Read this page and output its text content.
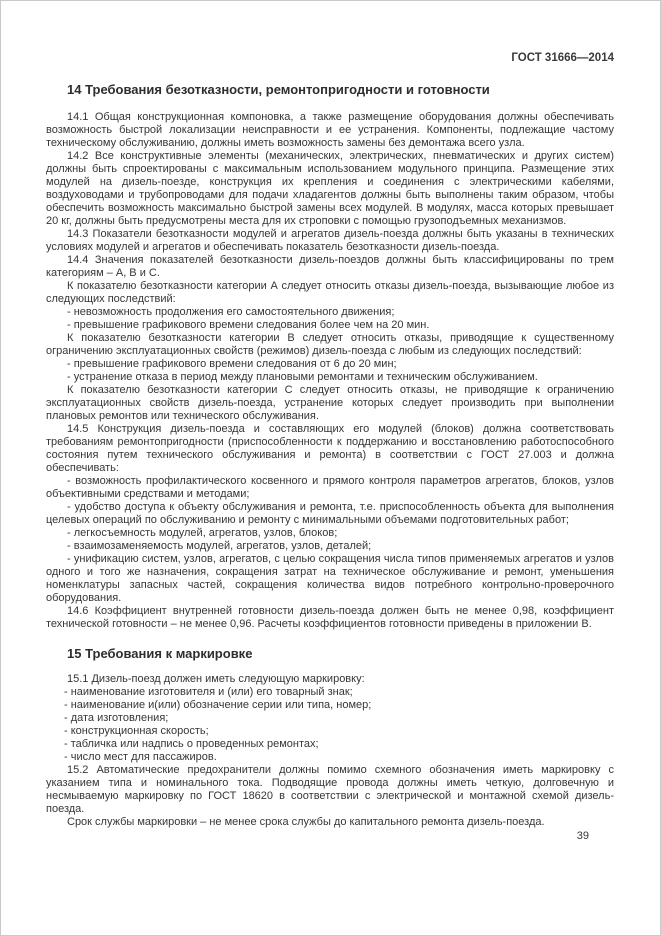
ГОСТ 31666—2014
14 Требования безотказности, ремонтопригодности и готовности

14.1 Общая конструкционная компоновка, а также размещение оборудования должны обеспечивать возможность быстрой локализации неисправности и ее устранения. Компоненты, подлежащие частому техническому обслуживанию, должны иметь возможность замены без демонтажа всего узла.

14.2 Все конструктивные элементы (механических, электрических, пневматических и других систем) должны быть спроектированы с максимальным использованием модульного принципа. Размещение этих модулей на дизель-поезде, конструкция их крепления и соединения с электрическими кабелями, воздуховодами и трубопроводами для подачи хладагентов должны быть выполнены таким образом, чтобы обеспечить возможность максимально быстрой замены всех модулей. В модулях, масса которых превышает 20 кг, должны быть предусмотрены места для их строповки с помощью грузоподъемных механизмов.

14.3 Показатели безотказности модулей и агрегатов дизель-поезда должны быть указаны в технических условиях модулей и агрегатов и обеспечивать показатель безотказности дизель-поезда.

14.4 Значения показателей безотказности дизель-поездов должны быть классифицированы по трем категориям – А, В и С.

К показателю безотказности категории А следует относить отказы дизель-поезда, вызывающие любое из следующих последствий:

- невозможность продолжения его самостоятельного движения;

- превышение графикового времени следования более чем на 20 мин.

К показателю безотказности категории В следует относить отказы, приводящие к существенному ограничению эксплуатационных свойств (режимов) дизель-поезда с любым из следующих последствий:

- превышение графикового времени следования от 6 до 20 мин;

- устранение отказа в период между плановыми ремонтами и техническим обслуживанием.

К показателю безотказности категории С следует относить отказы, не приводящие к ограничению эксплуатационных свойств дизель-поезда, устранение которых следует производить при выполнении плановых ремонтов или технического обслуживания.

14.5 Конструкция дизель-поезда и составляющих его модулей (блоков) должна соответствовать требованиям ремонтопригодности (приспособленности к поддержанию и восстановлению работоспособного состояния путем технического обслуживания и ремонта) в соответствии с ГОСТ 27.003 и должна обеспечивать:

- возможность профилактического косвенного и прямого контроля параметров агрегатов, блоков, узлов объективными средствами и методами;

- удобство доступа к объекту обслуживания и ремонта, т.е. приспособленность объекта для выполнения целевых операций по обслуживанию и ремонту с минимальными объемами подготовительных работ;

- легкосъемность модулей, агрегатов, узлов, блоков;

- взаимозаменяемость модулей, агрегатов, узлов, деталей;

- унификацию систем, узлов, агрегатов, с целью сокращения числа типов применяемых агрегатов и узлов одного и того же назначения, сокращения затрат на техническое обслуживание и ремонт, уменьшения номенклатуры запасных частей, сокращения количества видов потребного контрольно-проверочного оборудования.

14.6 Коэффициент внутренней готовности дизель-поезда должен быть не менее 0,98, коэффициент технической готовности – не менее 0,96. Расчеты коэффициентов готовности приведены в приложении В.

15 Требования к маркировке

15.1 Дизель-поезд должен иметь следующую маркировку:

- наименование изготовителя и (или) его товарный знак;

- наименование и(или) обозначение серии или типа, номер;

- дата изготовления;

- конструкционная скорость;

- табличка или надпись о проведенных ремонтах;

- число мест для пассажиров.

15.2 Автоматические предохранители должны помимо схемного обозначения иметь маркировку с указанием типа и номинального тока. Подводящие провода должны иметь четкую, долговечную и несмываемую маркировку по ГОСТ 18620 в соответствии с электрической и монтажной схемой дизель-поезда.

Срок службы маркировки – не менее срока службы до капитального ремонта дизель-поезда.

39
